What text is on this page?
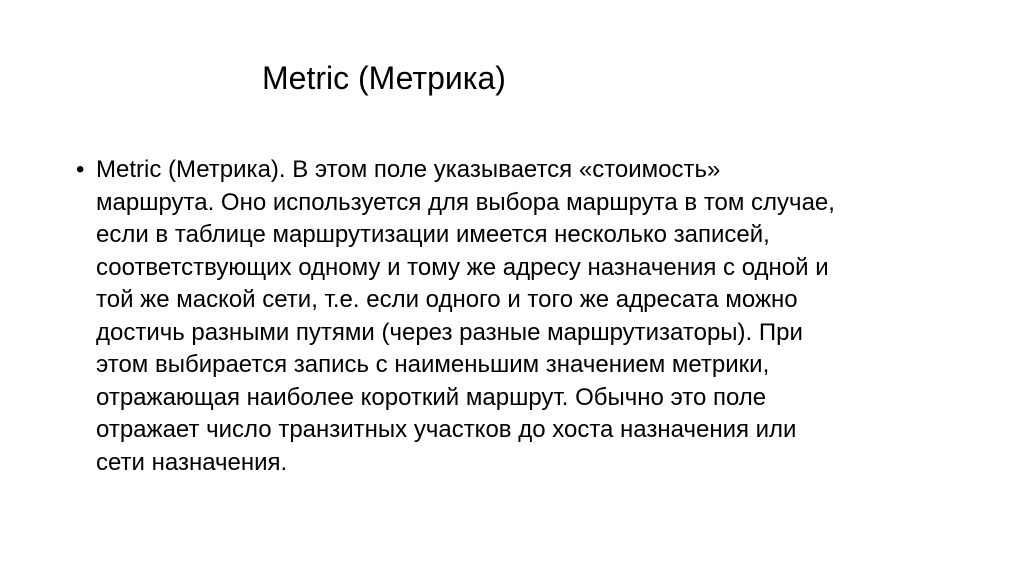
Metric (Метрика)
• Metric (Метрика). В этом поле указывается «стоимость»
маршрута. Оно используется для выбора маршрута в том случае,
если в таблице маршрутизации имеется несколько записей,
соответствующих одному и тому же адресу назначения с одной и
той же маской сети, т.е. если одного и того же адресата можно
достичь разными путями (через разные маршрутизаторы). При
этом выбирается запись с наименьшим значением метрики,
отражающая наиболее короткий маршрут. Обычно это поле
отражает число транзитных участков до хоста назначения или
сети назначения.
